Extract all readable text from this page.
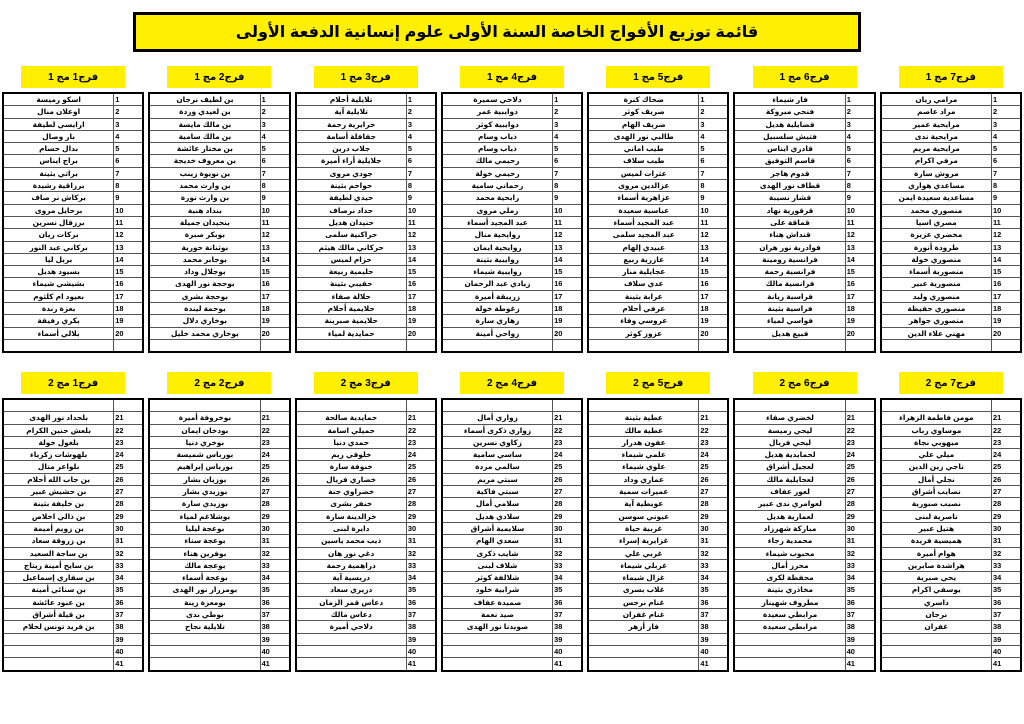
قائمة توزيع الأفواج الخاصة السنة الأولى علوم إنسانية الدفعة الأولى
فرج1 مج 1
1	اسكو رميسة
2	اوعلان منال
3	ارايسي لطيفة
4	بار وصال
5	بدال حسام
6	براج ايناس
7	براتي بثينة
8	برزاقية رشيدة
9	بركاش نر صاف
10	برحايل مروى
11	برزقال نسرين
12	بركات ريان
13	بركاني عبد النور
14	بريل ليا
15	بسيود هديل
16	بشيشي شيماء
17	بعيود ام كلثوم
18	بعزة رندة
19	بكري رفيقة
20	بلالي أسماء

فرج2 مج 1
1	بن لطيف نرجان
2	بن لعيدي وردة
3	بن مالك مايسة
4	بن مالك سامية
5	بن مختار عائشة
6	بن معروف خديجة
7	بن نويوة زينب
8	بن وارث محمد
9	بن وارث نورة
10	بنداد هنية
11	بنحيدان جميلة
12	بوبكر صبرة
13	بوثنانة حورية
14	بوجابر محمد
15	بوجلال وداد
16	بوحجة نور الهدى
17	بوحجة بشرى
18	بوحمة ليندة
19	بوخاري دلال
20	بوخاري محمد خليل

فرج3 مج 1
1	تلايلية أحلام
2	تلايلية آية
3	حرايرية رحمة
4	جفافلة أسامة
5	جلاب درين
6	جلايلية أراء أميرة
7	جودي مروى
8	حواحم بثينة
9	حيدي لطيفة
10	حداد نرصاف
11	حنيدان هديل
12	حراكنية سلمى
13	حركاني مالك هيثم
14	حزام لميس
15	حليمية ربيعة
16	حقيبي بثينة
17	حلالة صفاء
18	حلايمية أحلام
19	حلايمية صبرينة
20	حمايدية لمياء

فرج4 مج 1
1	دلاحي سميرة
2	دوايبية عمر
3	دوايبية كوثر
4	ذياب وسام
5	ذياب وسام
6	رحيمي مالك
7	رحيمي خولة
8	رحماني سامية
9	رابحية محمد
10	رملي مروى
11	عبد المجيد أسماء
12	روايحية منال
13	روايحية ايمان
14	روايبية بثينة
15	روايبية شيماء
16	زيادي عبد الرحمان
17	زريبقة أميرة
18	زغوطة خولة
19	زهاري سارة
20	زواحي أمينة

فرج5 مج 1
1	ضحاك كنزة
2	ضريف كوثر
3	ضريف الهام
4	طالبي نور الهدى
5	طيب اماني
6	طيب سلاف
7	عثرات لميس
8	عزالدين مروى
9	عزاهرية أسماء
10	عباسية سعيدة
11	عبد المجيد أسماء
12	عبد المجيد سلمى
13	عبيدي إلهام
14	عازرية ربيع
15	عجايلية منار
16	عدي سلاف
17	عرابة بثينة
18	عرفي أحلام
19	عروسي وفاء
20	عزوز كوثر

فرج6 مج 1
1	فار شيماء
2	فتحي مبروكة
3	فضايلية هديل
4	فتيش سلسبيل
5	قادري ايناس
6	قاسم التوفيق
7	قدوم هاجر
8	قطاف نور الهدى
9	قشار نسيبة
10	قرقورية نهاد
11	قماقة على
12	قنداش هناء
13	قوادرية نور هران
14	فرانسية رومينة
15	فرانسية رحمة
16	فرانسية مالك
17	فراسية ريانة
18	فراسية بثينة
19	فواسي لمياء
20	فبيع هديل

فرج7 مج 1
1	مرامي ريان
2	مراد عاصم
3	مرايحية عمير
4	مرايحية ندى
5	مرايحية مريم
6	مرفي اكرام
7	مروش سارة
8	مساعدي هواري
9	مساعدية سعيدة ايمن
10	منصوري محمد
11	مصري اسيا
12	مخضري عزيزة
13	طرودة أنورة
14	منصوري خولة
15	منصورية أسماء
16	منصورية عبير
17	منصوري وليد
18	منصوري حفيظة
19	منصوري جواهر
20	مهني علاء الدين

فرج1 مج 2

21	بلحداد نور الهدى
22	بلعش حنين الكرام
23	بلغول خولة
24	بلهوشات زكرياء
25	بلواعر منال
26	بن جاب الله أحلام
27	بن حشيش عبير
28	بن خليفة بثينة
29	بن ذالي اخلاص
30	بن زويم أميمة
31	بن زروقة سعاد
32	بن ساجة السعيد
33	بن سايح أمينة ريتاج
34	بن سفاري إسماعيل
35	بن سنائي أمينة
36	بن عبود عائشة
37	بن قيلة أشراق
38	بن فريد تونس لحلام
39	
40	
41	
فرج2 مج 2

21	بوخروفة أميرة
22	بودخان ايمان
23	بوخري دنيا
24	بورباس شميسة
25	بورباس إبراهيم
26	بوزيان بشار
27	بوزيدي بشار
28	بوزيدي سارة
29	بوشلاغم لمياء
30	بوعجة ليليا
31	بوعجة سناء
32	بوفرين هناء
33	بوعجة مالك
34	بوعجة أسماء
35	بومزرار نور الهدى
36	بومعزة زينة
37	بوطي ندى
38	تلايلية نجاح
39	
40	
41	
فرج3 مج 2

21	حمايدية صالحة
22	حميلي اسامة
23	حمدي دنيا
24	خلوقي ريم
25	خنوفة سارة
26	خضاري فريال
27	خضراوي جنة
28	خنفر بشرى
29	خرالدينة سارة
30	دايرة لبنى
31	ذيب محمد ياسين
32	دغي نور هان
33	دراهمية رحمة
34	دريسية آية
35	دزيري سعاد
36	دعاس قمر الزمان
37	دعاس مالك
38	دلاحي أميرة
39	
40	
41	
فرج4 مج 2

21	زواري أمال
22	زواري ذكرى أسماء
23	زكاوي نسرين
24	ساسي سامية
25	سالمي مردة
26	سبتي مريم
27	سبتي فاكية
28	سلامي أمال
29	سلادي هديل
30	سلايمية أشراق
31	سعدي الهام
32	شايب ذكرى
33	شلاف لبنى
34	شلالفة كوثر
35	شرابية خلود
36	صميدة عفاف
37	صيد نعمة
38	صويدنا نور الهدى
39	
40	
41	
فرج5 مج 2

21	عطية بثينة
22	عطية مالك
23	عفون هدرار
24	علمي شيماء
25	علوي شيماء
26	عماري وداد
27	عميرات سمية
28	عويطية آية
29	عيوني سوسن
30	غربية حياة
31	غزايرية إسراء
32	غربي علي
33	غربلي شيماء
34	غزال شيماء
35	غلاب بسرى
36	غنام نرجس
37	غنام غفران
38	فاز أزهر
39	
40	
41	
فرج6 مج 2

21	لخضري صفاء
22	ليحي رميسة
23	ليحي فريال
24	لحمايدية هديل
25	لعجيل أشراق
26	لعجايلية مالك
27	لعور عفاف
28	لعوامري ندى عبير
29	لعمارية هديل
30	مباركة شهرزاد
31	محمدية رجاء
32	محبوب شيماء
33	محرز أمال
34	محفظة لكرى
35	مخاذري بثينة
36	مطروف شهيناز
37	مرابطي سعيدة
38	مرابطي سعيدة
39	
40	
41	
فرج7 مج 2

21	مومن فاطمة الزهراء
22	موساوي رباب
23	ميهوبي نجاة
24	ميلي علي
25	ناجي زين الدين
26	نجلي أمال
27	نصايب أشراق
28	نصيب صبورية
29	ناصرية لبنى
30	هتيل عبير
31	هميسية فريدة
32	هوام أميرة
33	هراشدة صابرين
34	يحي صبرية
35	يوسفي اكرام
36	داسري
37	نرجان
38	غفران
39	
40	
41	
